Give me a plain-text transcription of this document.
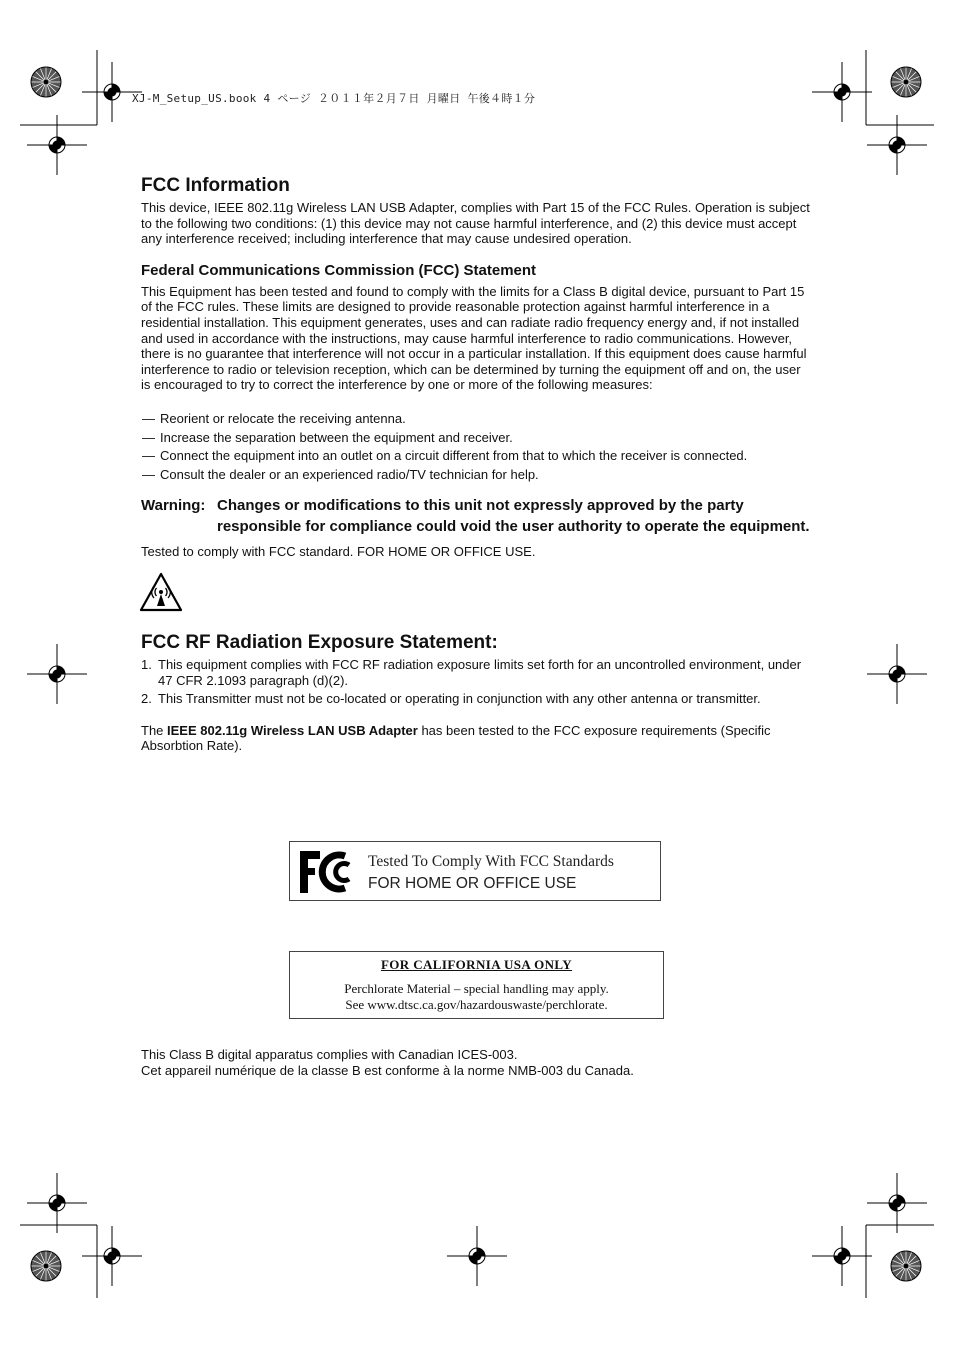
XJ-M_Setup_US.book 4 ページ ２０１１年２月７日 月曜日 午後４時１分
FCC Information

This device, IEEE 802.11g Wireless LAN USB Adapter, complies with Part 15 of the FCC Rules. Operation is subject to the following two conditions: (1) this device may not cause harmful interference, and (2) this device must accept any interference received; including interference that may cause undesired operation.

Federal Communications Commission (FCC) Statement

This Equipment has been tested and found to comply with the limits for a Class B digital device, pursuant to Part 15 of the FCC rules. These limits are designed to provide reasonable protection against harmful interference in a residential installation. This equipment generates, uses and can radiate radio frequency energy and, if not installed and used in accordance with the instructions, may cause harmful interference to radio communications. However, there is no guarantee that interference will not occur in a particular installation. If this equipment does cause harmful interference to radio or television reception, which can be determined by turning the equipment off and on, the user is encouraged to try to correct the interference by one or more of the following measures:

— Reorient or relocate the receiving antenna.
— Increase the separation between the equipment and receiver.
— Connect the equipment into an outlet on a circuit different from that to which the receiver is connected.
— Consult the dealer or an experienced radio/TV technician for help.
Warning: Changes or modifications to this unit not expressly approved by the party responsible for compliance could void the user authority to operate the equipment.

Tested to comply with FCC standard. FOR HOME OR OFFICE USE.

FCC RF Radiation Exposure Statement:
1. This equipment complies with FCC RF radiation exposure limits set forth for an uncontrolled environment, under 47 CFR 2.1093 paragraph (d)(2).
2. This Transmitter must not be co-located or operating in conjunction with any other antenna or transmitter.

The IEEE 802.11g Wireless LAN USB Adapter has been tested to the FCC exposure requirements (Specific Absorbtion Rate).

Tested To Comply With FCC Standards
FOR HOME OR OFFICE USE
FOR CALIFORNIA USA ONLY
Perchlorate Material – special handling may apply.
See www.dtsc.ca.gov/hazardouswaste/perchlorate.

This Class B digital apparatus complies with Canadian ICES-003.

Cet appareil numérique de la classe B est conforme à la norme NMB-003 du Canada.
